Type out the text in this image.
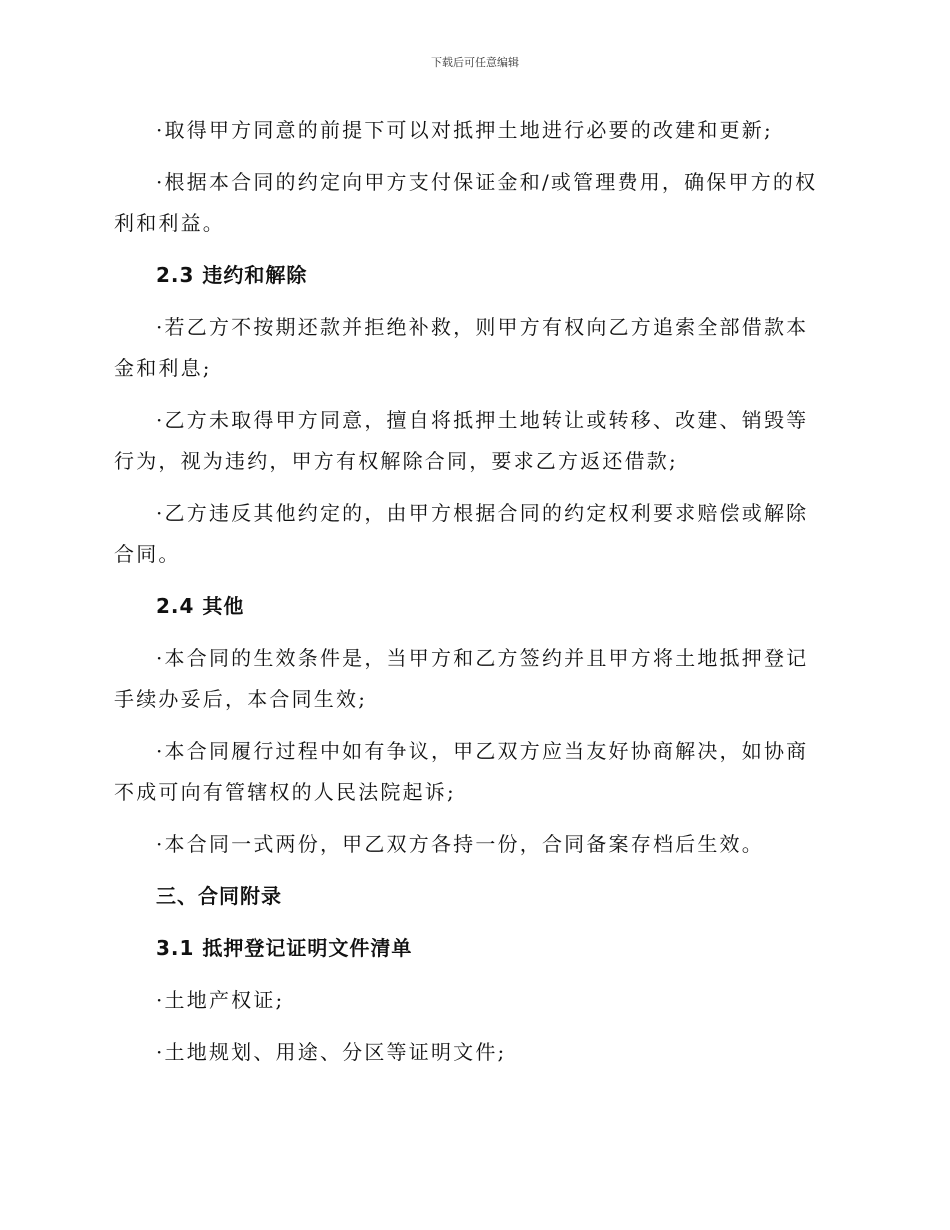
下载后可任意编辑

·取得甲方同意的前提下可以对抵押土地进行必要的改建和更新;

·根据本合同的约定向甲方支付保证金和/或管理费用，确保甲方的权利和利益。

2.3 违约和解除

·若乙方不按期还款并拒绝补救，则甲方有权向乙方追索全部借款本金和利息;

·乙方未取得甲方同意，擅自将抵押土地转让或转移、改建、销毁等行为，视为违约，甲方有权解除合同，要求乙方返还借款;

·乙方违反其他约定的，由甲方根据合同的约定权利要求赔偿或解除合同。

2.4 其他

·本合同的生效条件是，当甲方和乙方签约并且甲方将土地抵押登记手续办妥后，本合同生效;

·本合同履行过程中如有争议，甲乙双方应当友好协商解决，如协商不成可向有管辖权的人民法院起诉;

·本合同一式两份，甲乙双方各持一份，合同备案存档后生效。

三、合同附录

3.1 抵押登记证明文件清单

·土地产权证;

·土地规划、用途、分区等证明文件;
